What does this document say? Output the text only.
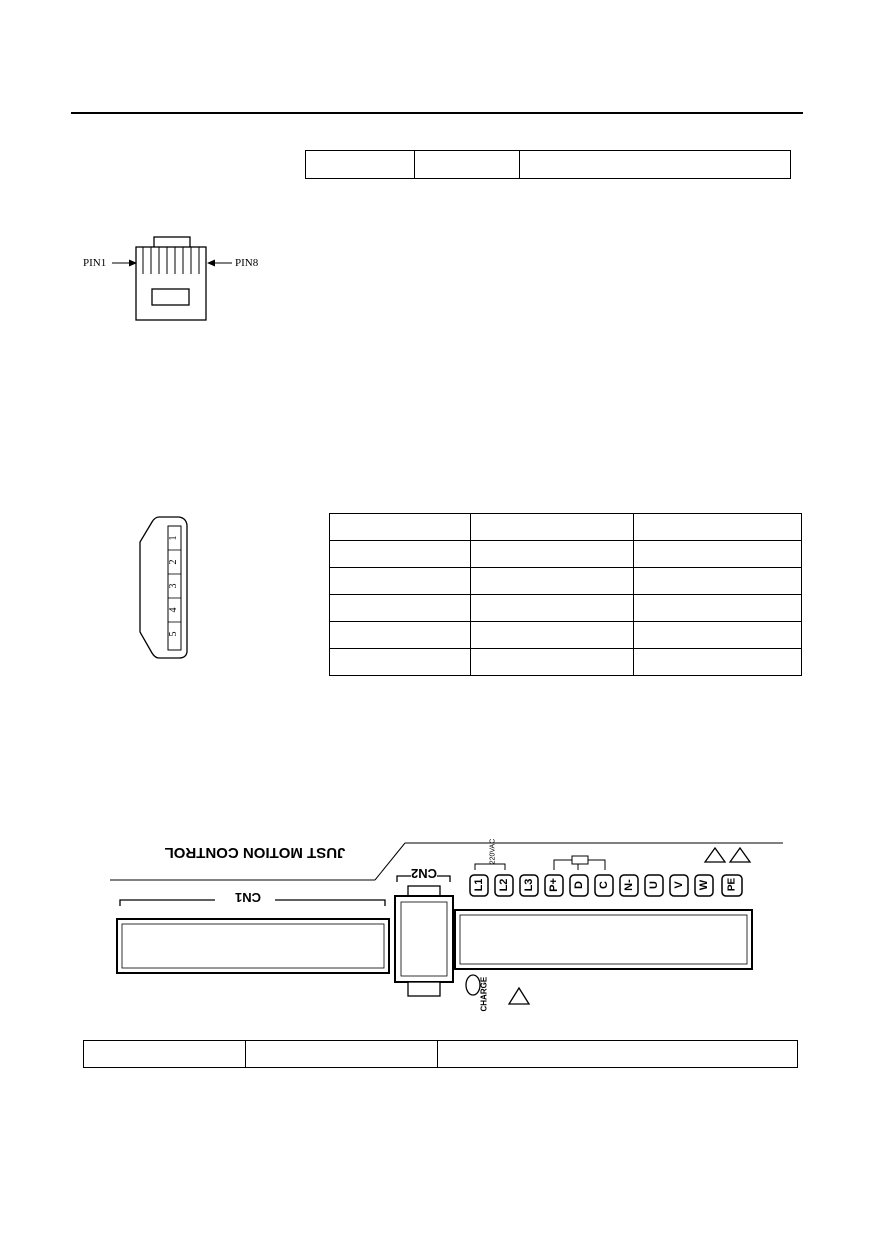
PIN1	PIN8
1
2
3
4
5

JUST MOTION CONTROL
CN1
CN2
220VAC
L1 L2 L3 P+ D C N- U V W PE
CHARGE
